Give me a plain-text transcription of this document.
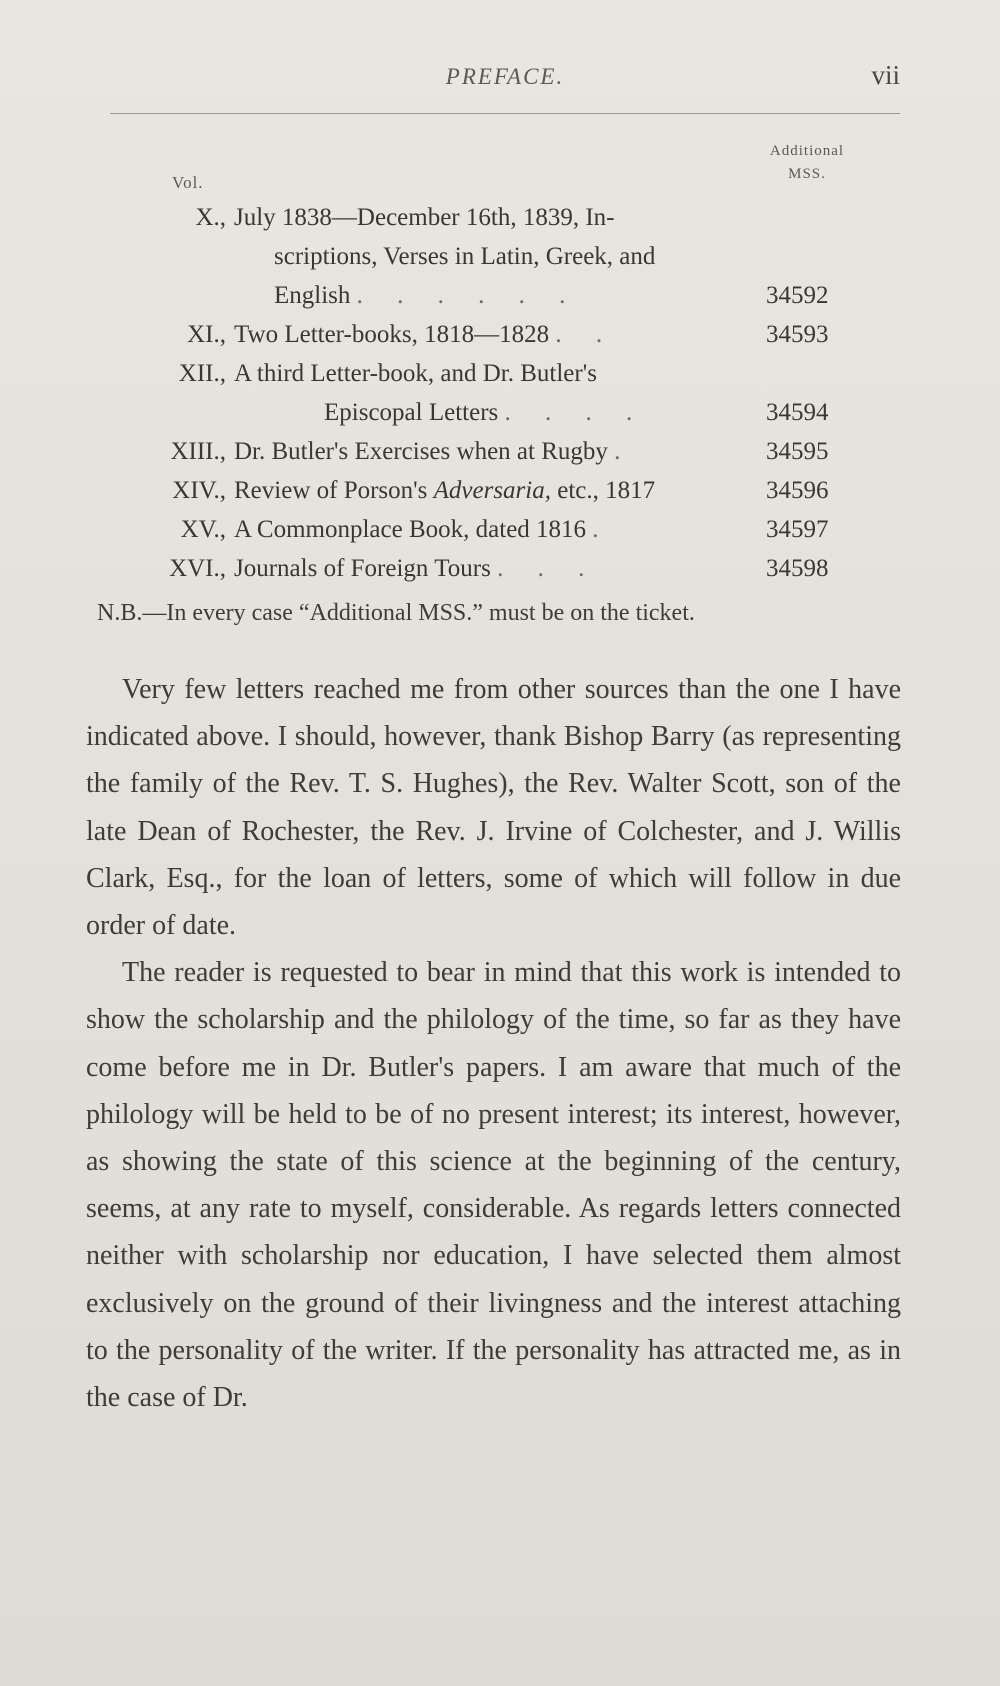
PREFACE.	vii
Vol.
Additional
MSS.
X., July 1838—December 16th, 1839, In-
scriptions, Verses in Latin, Greek, and
English . . . . . .	34592
XI., Two Letter-books, 1818—1828 . .	34593
XII., A third Letter-book, and Dr. Butler's
Episcopal Letters . . . .	34594
XIII., Dr. Butler's Exercises when at Rugby .	34595
XIV., Review of Porson's Adversaria, etc., 1817	34596
XV., A Commonplace Book, dated 1816 .	34597
XVI., Journals of Foreign Tours . . .	34598
N.B.—In every case “Additional MSS.” must be on the ticket.

Very few letters reached me from other sources than the one I have indicated above. I should, however, thank Bishop Barry (as representing the family of the Rev. T. S. Hughes), the Rev. Walter Scott, son of the late Dean of Rochester, the Rev. J. Irvine of Colchester, and J. Willis Clark, Esq., for the loan of letters, some of which will follow in due order of date.

The reader is requested to bear in mind that this work is intended to show the scholarship and the philology of the time, so far as they have come before me in Dr. Butler's papers. I am aware that much of the philology will be held to be of no present interest; its interest, however, as showing the state of this science at the beginning of the century, seems, at any rate to myself, considerable. As regards letters connected neither with scholarship nor education, I have selected them almost exclusively on the ground of their livingness and the interest attaching to the personality of the writer. If the personality has attracted me, as in the case of Dr.
